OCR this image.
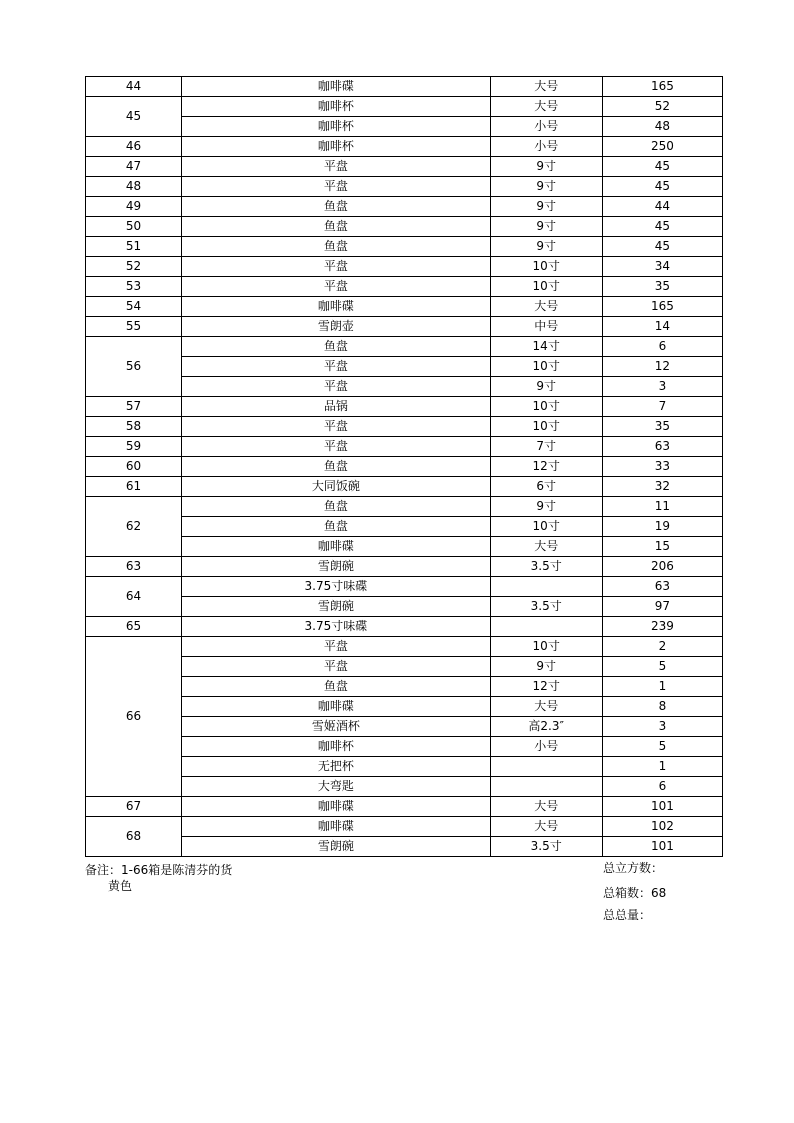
44	咖啡碟	大号	165
45	咖啡杯	大号	52
	咖啡杯	小号	48
46	咖啡杯	小号	250
47	平盘	9寸	45
48	平盘	9寸	45
49	鱼盘	9寸	44
50	鱼盘	9寸	45
51	鱼盘	9寸	45
52	平盘	10寸	34
53	平盘	10寸	35
54	咖啡碟	大号	165
55	雪朗壶	中号	14
56	鱼盘	14寸	6
	平盘	10寸	12
	平盘	9寸	3
57	品锅	10寸	7
58	平盘	10寸	35
59	平盘	7寸	63
60	鱼盘	12寸	33
61	大同饭碗	6寸	32
62	鱼盘	9寸	11
	鱼盘	10寸	19
	咖啡碟	大号	15
63	雪朗碗	3.5寸	206
64	3.75寸味碟		63
	雪朗碗	3.5寸	97
65	3.75寸味碟		239
66	平盘	10寸	2
	平盘	9寸	5
	鱼盘	12寸	1
	咖啡碟	大号	8
	雪姬酒杯	高2.3″	3
	咖啡杯	小号	5
	无把杯		1
	大弯匙		6
67	咖啡碟	大号	101
68	咖啡碟	大号	102
	雪朗碗	3.5寸	101
备注：1-66箱是陈清芬的货
黄色
总立方数：
总箱数：68
总总量：
